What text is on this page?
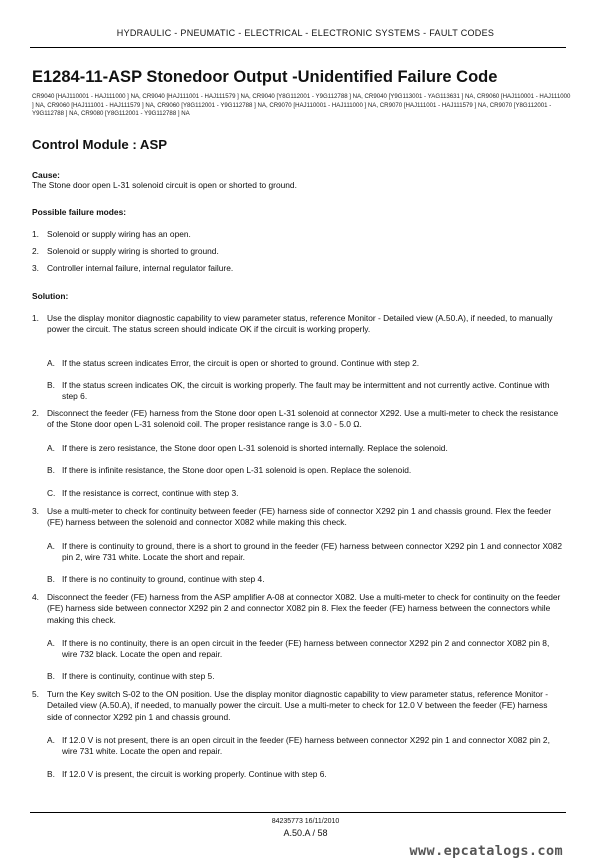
HYDRAULIC - PNEUMATIC - ELECTRICAL - ELECTRONIC SYSTEMS - FAULT CODES
E1284-11-ASP Stonedoor Output -Unidentified Failure Code
CR9040 [HAJ110001 - HAJ111000 ] NA, CR9040 [HAJ111001 - HAJ111579 ] NA, CR9040 [Y8G112001 - Y9G112788 ] NA, CR9040 [Y9G113001 - YAG113631 ] NA, CR9060 [HAJ110001 - HAJ111000 ] NA, CR9060 [HAJ111001 - HAJ111579 ] NA, CR9060 [Y8G112001 - Y9G112788 ] NA, CR9070 [HAJ110001 - HAJ111000 ] NA, CR9070 [HAJ111001 - HAJ111579 ] NA, CR9070 [Y8G112001 - Y9G112788 ] NA, CR9080 [Y8G112001 - Y9G112788 ] NA
Control Module : ASP
Cause:
The Stone door open L-31 solenoid circuit is open or shorted to ground.
Possible failure modes:
1. Solenoid or supply wiring has an open.
2. Solenoid or supply wiring is shorted to ground.
3. Controller internal failure, internal regulator failure.
Solution:
1. Use the display monitor diagnostic capability to view parameter status, reference Monitor - Detailed view (A.50.A), if needed, to manually power the circuit. The status screen should indicate OK if the circuit is working properly.
A. If the status screen indicates Error, the circuit is open or shorted to ground. Continue with step 2.
B. If the status screen indicates OK, the circuit is working properly. The fault may be intermittent and not currently active. Continue with step 6.
2. Disconnect the feeder (FE) harness from the Stone door open L-31 solenoid at connector X292. Use a multi-meter to check the resistance of the Stone door open L-31 solenoid coil. The proper resistance range is 3.0 - 5.0 Ω.
A. If there is zero resistance, the Stone door open L-31 solenoid is shorted internally. Replace the solenoid.
B. If there is infinite resistance, the Stone door open L-31 solenoid is open. Replace the solenoid.
C. If the resistance is correct, continue with step 3.
3. Use a multi-meter to check for continuity between feeder (FE) harness side of connector X292 pin 1 and chassis ground. Flex the feeder (FE) harness between the solenoid and connector X082 while making this check.
A. If there is continuity to ground, there is a short to ground in the feeder (FE) harness between connector X292 pin 1 and connector X082 pin 2, wire 731 white. Locate the short and repair.
B. If there is no continuity to ground, continue with step 4.
4. Disconnect the feeder (FE) harness from the ASP amplifier A-08 at connector X082. Use a multi-meter to check for continuity on the feeder (FE) harness side between connector X292 pin 2 and connector X082 pin 8. Flex the feeder (FE) harness between the connectors while making this check.
A. If there is no continuity, there is an open circuit in the feeder (FE) harness between connector X292 pin 2 and connector X082 pin 8, wire 732 black. Locate the open and repair.
B. If there is continuity, continue with step 5.
5. Turn the Key switch S-02 to the ON position. Use the display monitor diagnostic capability to view parameter status, reference Monitor - Detailed view (A.50.A), if needed, to manually power the circuit. Use a multi-meter to check for 12.0 V between the feeder (FE) harness side of connector X292 pin 1 and chassis ground.
A. If 12.0 V is not present, there is an open circuit in the feeder (FE) harness between connector X292 pin 1 and connector X082 pin 2, wire 731 white. Locate the open and repair.
B. If 12.0 V is present, the circuit is working properly. Continue with step 6.
84235773 16/11/2010
A.50.A / 58
www.epcatalogs.com
